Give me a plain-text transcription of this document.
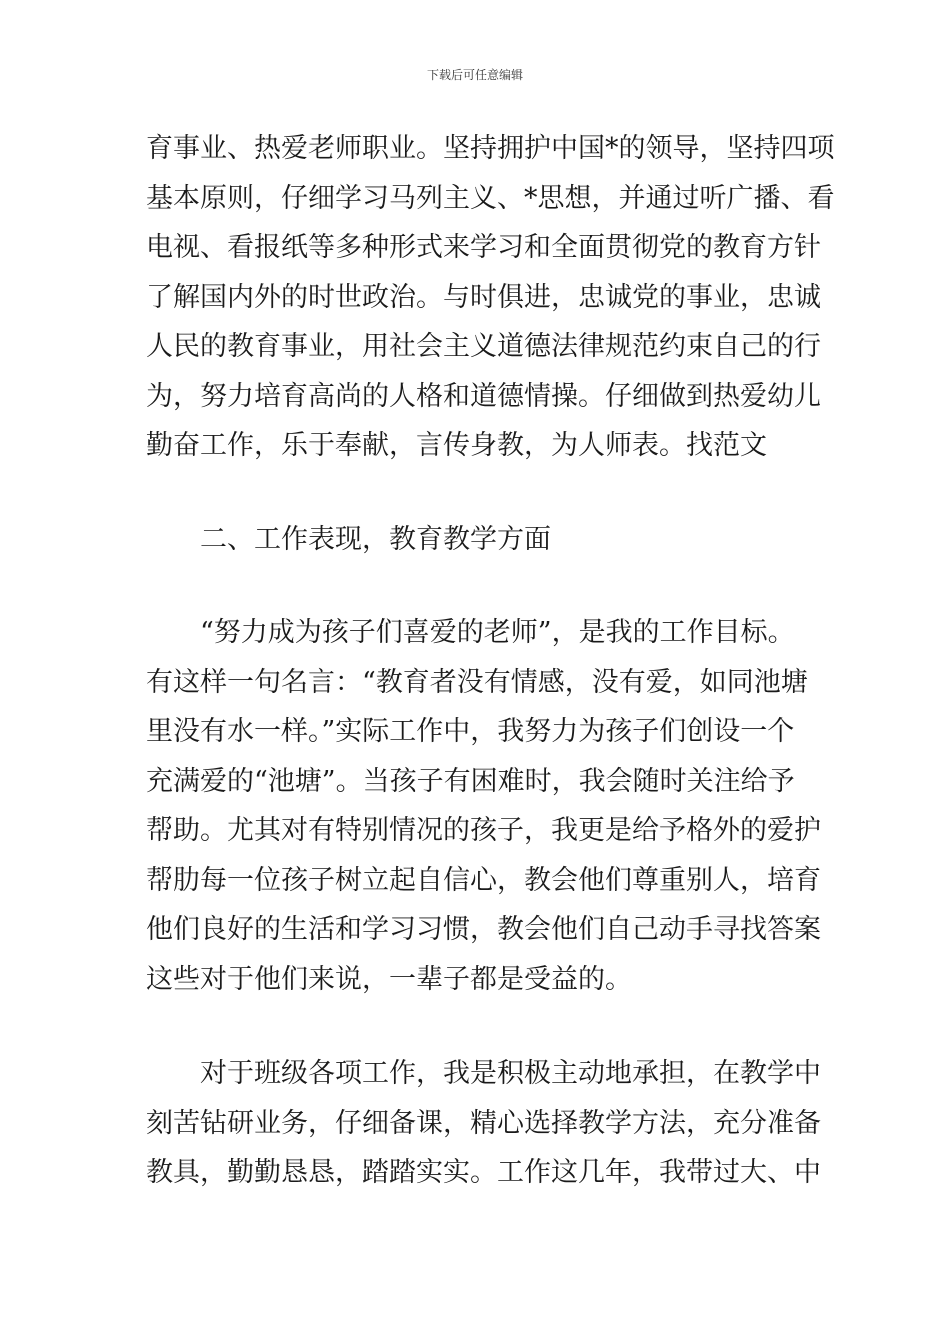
下载后可任意编辑
育事业、热爱老师职业。坚持拥护中国*的领导，坚持四项
基本原则，仔细学习马列主义、*思想，并通过听广播、看
电视、看报纸等多种形式来学习和全面贯彻党的教育方针
了解国内外的时世政治。与时俱进，忠诚党的事业，忠诚
人民的教育事业，用社会主义道德法律规范约束自己的行
为，努力培育高尚的人格和道德情操。仔细做到热爱幼儿
勤奋工作，乐于奉献，言传身教，为人师表。找范文
二、工作表现，教育教学方面
“努力成为孩子们喜爱的老师”，是我的工作目标。
有这样一句名言：“教育者没有情感，没有爱，如同池塘
里没有水一样。”实际工作中，我努力为孩子们创设一个
充满爱的“池塘”。当孩子有困难时，我会随时关注给予
帮助。尤其对有特别情况的孩子，我更是给予格外的爱护
帮肋每一位孩子树立起自信心，教会他们尊重别人，培育
他们良好的生活和学习习惯，教会他们自己动手寻找答案
这些对于他们来说，一辈子都是受益的。
对于班级各项工作，我是积极主动地承担，在教学中
刻苦钻研业务，仔细备课，精心选择教学方法，充分准备
教具，勤勤恳恳，踏踏实实。工作这几年，我带过大、中
